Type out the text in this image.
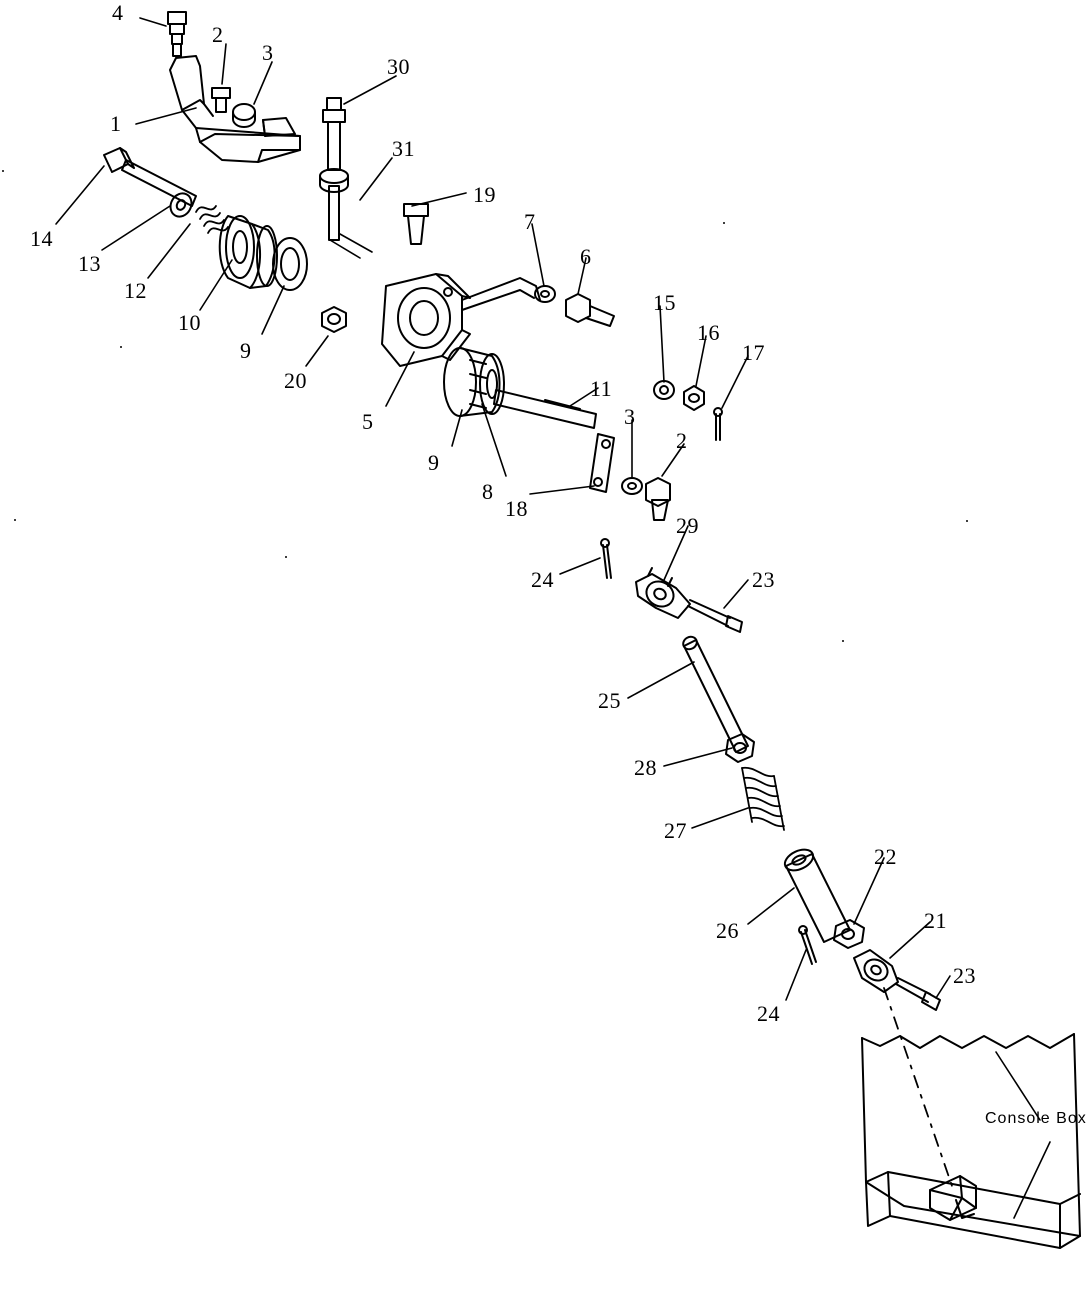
4
2
3
30
1
31
14
13
12
19
7
6
10
9
20
15
16
17
11
3
2
5
9
8
18
29
24	23
25
28
27
22
26	21
23
24
Console Box
